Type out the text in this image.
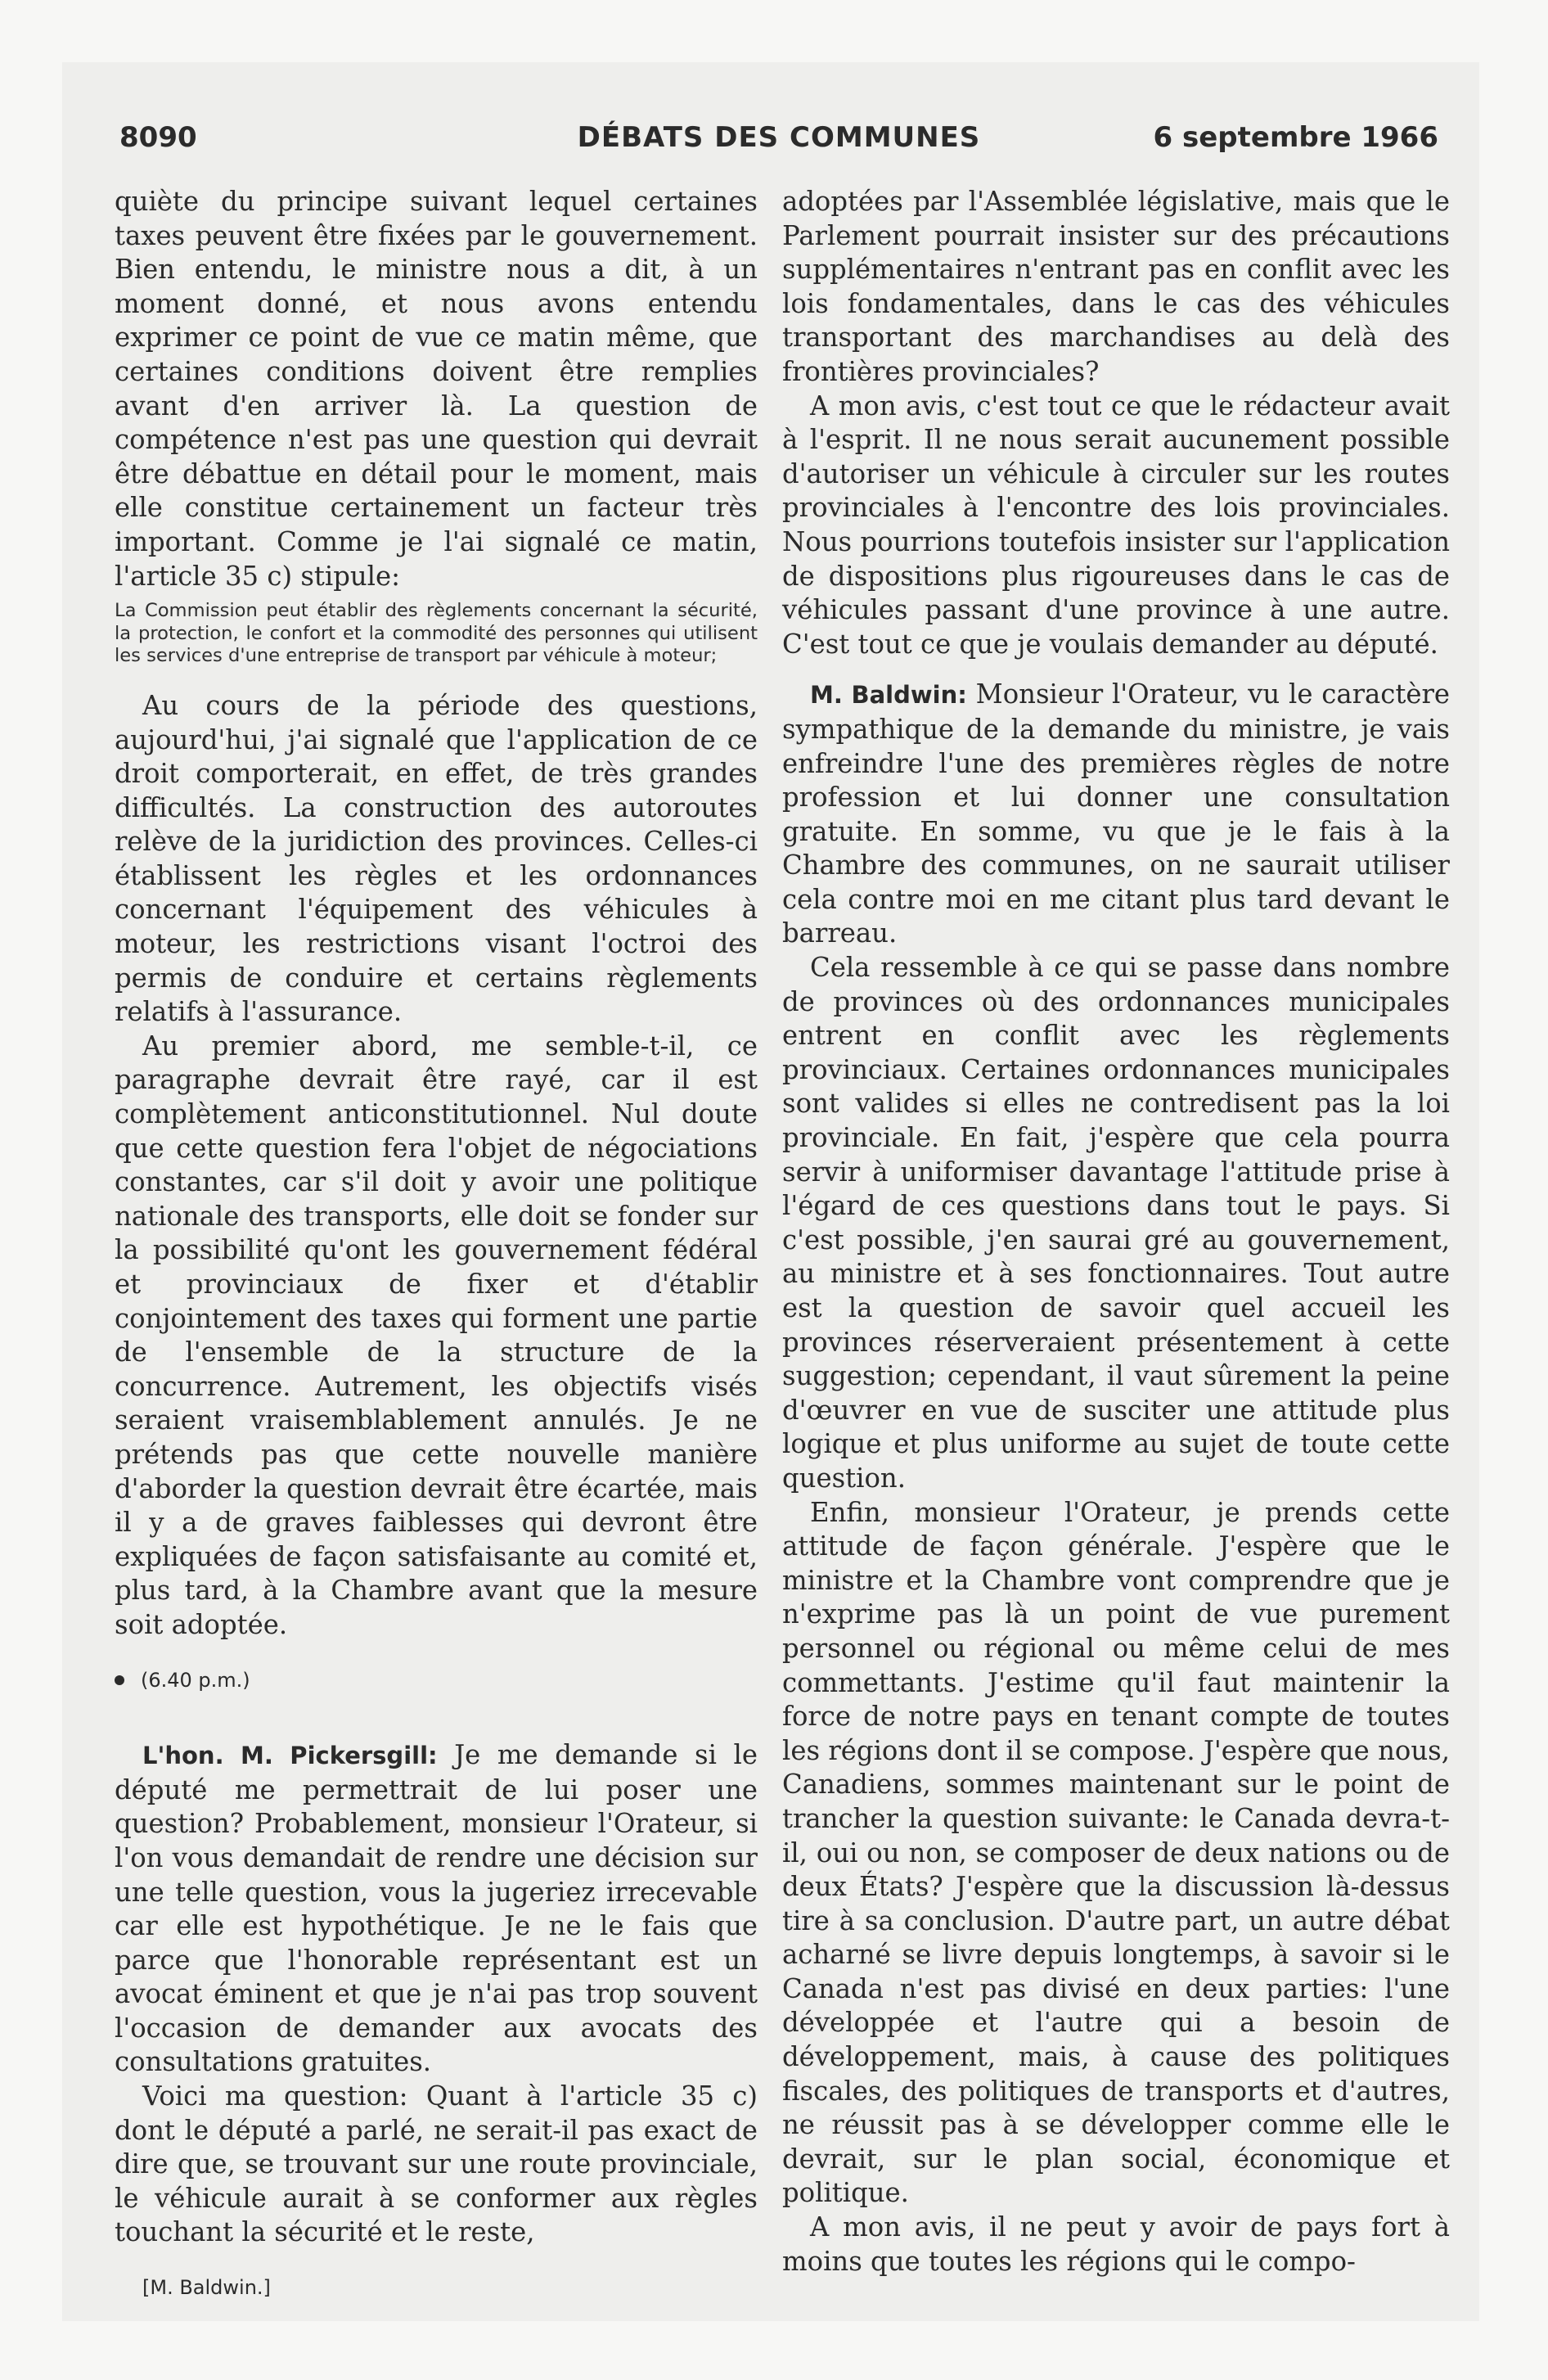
8090	DÉBATS DES COMMUNES	6 septembre 1966

quiète du principe suivant lequel certaines taxes peuvent être fixées par le gouvernement. Bien entendu, le ministre nous a dit, à un moment donné, et nous avons entendu exprimer ce point de vue ce matin même, que certaines conditions doivent être remplies avant d'en arriver là. La question de compétence n'est pas une question qui devrait être débattue en détail pour le moment, mais elle constitue certainement un facteur très important. Comme je l'ai signalé ce matin, l'article 35 c) stipule:

La Commission peut établir des règlements concernant la sécurité, la protection, le confort et la commodité des personnes qui utilisent les services d'une entreprise de transport par véhicule à moteur;

Au cours de la période des questions, aujourd'hui, j'ai signalé que l'application de ce droit comporterait, en effet, de très grandes difficultés. La construction des autoroutes relève de la juridiction des provinces. Celles-ci établissent les règles et les ordonnances concernant l'équipement des véhicules à moteur, les restrictions visant l'octroi des permis de conduire et certains règlements relatifs à l'assurance.

Au premier abord, me semble-t-il, ce paragraphe devrait être rayé, car il est complètement anticonstitutionnel. Nul doute que cette question fera l'objet de négociations constantes, car s'il doit y avoir une politique nationale des transports, elle doit se fonder sur la possibilité qu'ont les gouvernement fédéral et provinciaux de fixer et d'établir conjointement des taxes qui forment une partie de l'ensemble de la structure de la concurrence. Autrement, les objectifs visés seraient vraisemblablement annulés. Je ne prétends pas que cette nouvelle manière d'aborder la question devrait être écartée, mais il y a de graves faiblesses qui devront être expliquées de façon satisfaisante au comité et, plus tard, à la Chambre avant que la mesure soit adoptée.

(6.40 p.m.)

L'hon. M. Pickersgill: Je me demande si le député me permettrait de lui poser une question? Probablement, monsieur l'Orateur, si l'on vous demandait de rendre une décision sur une telle question, vous la jugeriez irrecevable car elle est hypothétique. Je ne le fais que parce que l'honorable représentant est un avocat éminent et que je n'ai pas trop souvent l'occasion de demander aux avocats des consultations gratuites.

Voici ma question: Quant à l'article 35 c) dont le député a parlé, ne serait-il pas exact de dire que, se trouvant sur une route provinciale, le véhicule aurait à se conformer aux règles touchant la sécurité et le reste,

[M. Baldwin.]

adoptées par l'Assemblée législative, mais que le Parlement pourrait insister sur des précautions supplémentaires n'entrant pas en conflit avec les lois fondamentales, dans le cas des véhicules transportant des marchandises au delà des frontières provinciales?

A mon avis, c'est tout ce que le rédacteur avait à l'esprit. Il ne nous serait aucunement possible d'autoriser un véhicule à circuler sur les routes provinciales à l'encontre des lois provinciales. Nous pourrions toutefois insister sur l'application de dispositions plus rigoureuses dans le cas de véhicules passant d'une province à une autre. C'est tout ce que je voulais demander au député.

M. Baldwin: Monsieur l'Orateur, vu le caractère sympathique de la demande du ministre, je vais enfreindre l'une des premières règles de notre profession et lui donner une consultation gratuite. En somme, vu que je le fais à la Chambre des communes, on ne saurait utiliser cela contre moi en me citant plus tard devant le barreau.

Cela ressemble à ce qui se passe dans nombre de provinces où des ordonnances municipales entrent en conflit avec les règlements provinciaux. Certaines ordonnances municipales sont valides si elles ne contredisent pas la loi provinciale. En fait, j'espère que cela pourra servir à uniformiser davantage l'attitude prise à l'égard de ces questions dans tout le pays. Si c'est possible, j'en saurai gré au gouvernement, au ministre et à ses fonctionnaires. Tout autre est la question de savoir quel accueil les provinces réserveraient présentement à cette suggestion; cependant, il vaut sûrement la peine d'œuvrer en vue de susciter une attitude plus logique et plus uniforme au sujet de toute cette question.

Enfin, monsieur l'Orateur, je prends cette attitude de façon générale. J'espère que le ministre et la Chambre vont comprendre que je n'exprime pas là un point de vue purement personnel ou régional ou même celui de mes commettants. J'estime qu'il faut maintenir la force de notre pays en tenant compte de toutes les régions dont il se compose. J'espère que nous, Canadiens, sommes maintenant sur le point de trancher la question suivante: le Canada devra-t-il, oui ou non, se composer de deux nations ou de deux États? J'espère que la discussion là-dessus tire à sa conclusion. D'autre part, un autre débat acharné se livre depuis longtemps, à savoir si le Canada n'est pas divisé en deux parties: l'une développée et l'autre qui a besoin de développement, mais, à cause des politiques fiscales, des politiques de transports et d'autres, ne réussit pas à se développer comme elle le devrait, sur le plan social, économique et politique.

A mon avis, il ne peut y avoir de pays fort à moins que toutes les régions qui le compo-
